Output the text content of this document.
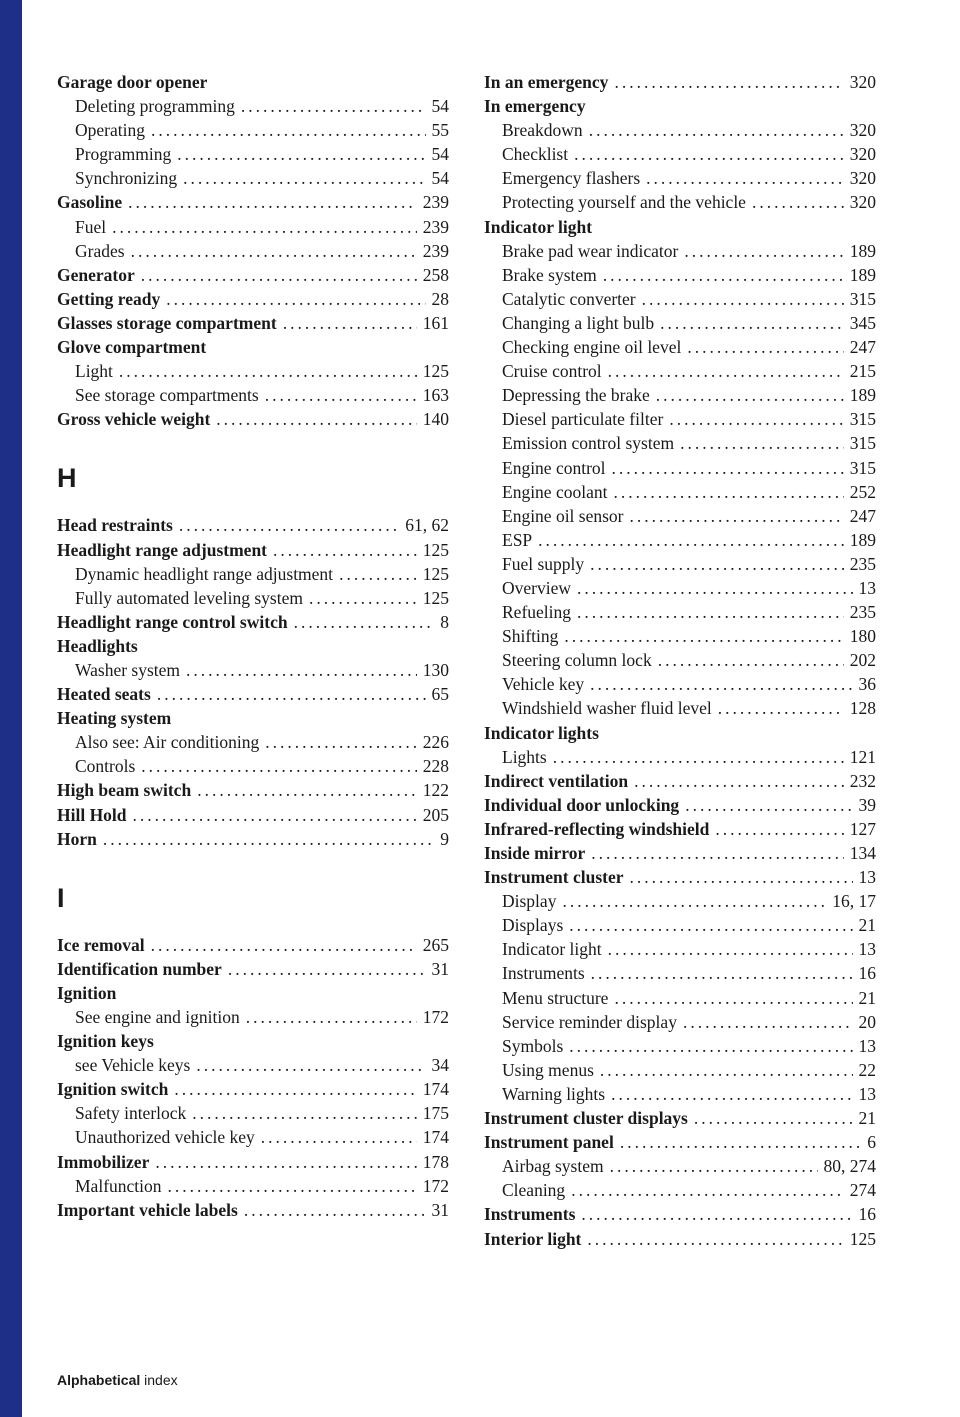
Garage door opener
Deleting programming .....	54
Operating .....	55
Programming .....	54
Synchronizing .....	54
Gasoline .....	239
Fuel .....	239
Grades .....	239
Generator .....	258
Getting ready .....	28
Glasses storage compartment .....	161
Glove compartment
Light .....	125
See storage compartments .....	163
Gross vehicle weight .....	140
H
Head restraints .....	61, 62
Headlight range adjustment .....	125
Dynamic headlight range adjustment .....	125
Fully automated leveling system .....	125
Headlight range control switch .....	8
Headlights
Washer system .....	130
Heated seats .....	65
Heating system
Also see: Air conditioning .....	226
Controls .....	228
High beam switch .....	122
Hill Hold .....	205
Horn .....	9
I
Ice removal .....	265
Identification number .....	31
Ignition
See engine and ignition .....	172
Ignition keys
see Vehicle keys .....	34
Ignition switch .....	174
Safety interlock .....	175
Unauthorized vehicle key .....	174
Immobilizer .....	178
Malfunction .....	172
Important vehicle labels .....	31
In an emergency .....	320
In emergency
Breakdown .....	320
Checklist .....	320
Emergency flashers .....	320
Protecting yourself and the vehicle .....	320
Indicator light
Brake pad wear indicator .....	189
Brake system .....	189
Catalytic converter .....	315
Changing a light bulb .....	345
Checking engine oil level .....	247
Cruise control .....	215
Depressing the brake .....	189
Diesel particulate filter .....	315
Emission control system .....	315
Engine control .....	315
Engine coolant .....	252
Engine oil sensor .....	247
ESP .....	189
Fuel supply .....	235
Overview .....	13
Refueling .....	235
Shifting .....	180
Steering column lock .....	202
Vehicle key .....	36
Windshield washer fluid level .....	128
Indicator lights
Lights .....	121
Indirect ventilation .....	232
Individual door unlocking .....	39
Infrared-reflecting windshield .....	127
Inside mirror .....	134
Instrument cluster .....	13
Display .....	16, 17
Displays .....	21
Indicator light .....	13
Instruments .....	16
Menu structure .....	21
Service reminder display .....	20
Symbols .....	13
Using menus .....	22
Warning lights .....	13
Instrument cluster displays .....	21
Instrument panel .....	6
Airbag system .....	80, 274
Cleaning .....	274
Instruments .....	16
Interior light .....	125
Alphabetical index
